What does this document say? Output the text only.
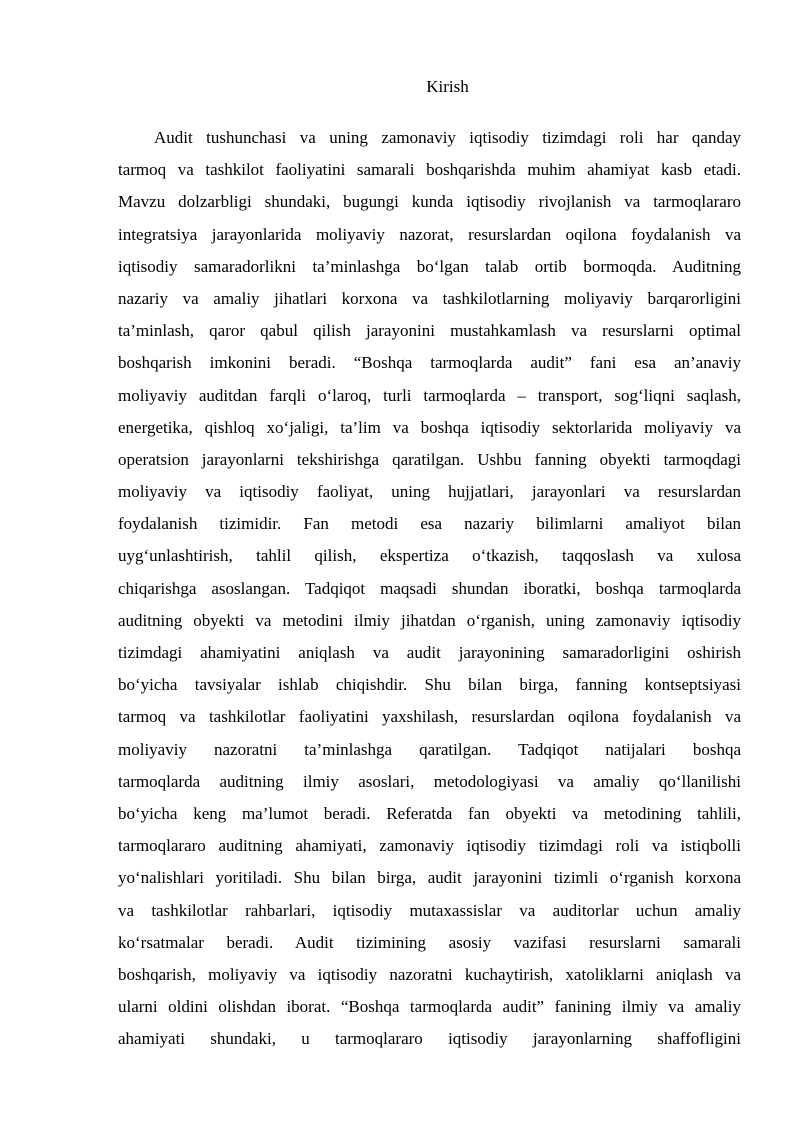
Kirish
Audit tushunchasi va uning zamonaviy iqtisodiy tizimdagi roli har qanday
tarmoq va tashkilot faoliyatini samarali boshqarishda muhim ahamiyat kasb etadi.
Mavzu dolzarbligi shundaki, bugungi kunda iqtisodiy rivojlanish va tarmoqlararo
integratsiya jarayonlarida moliyaviy nazorat, resurslardan oqilona foydalanish va
iqtisodiy samaradorlikni ta’minlashga bo‘lgan talab ortib bormoqda. Auditning
nazariy va amaliy jihatlari korxona va tashkilotlarning moliyaviy barqarorligini
ta’minlash, qaror qabul qilish jarayonini mustahkamlash va resurslarni optimal
boshqarish imkonini beradi. “Boshqa tarmoqlarda audit” fani esa an’anaviy
moliyaviy auditdan farqli o‘laroq, turli tarmoqlarda – transport, sog‘liqni saqlash,
energetika, qishloq xo‘jaligi, ta’lim va boshqa iqtisodiy sektorlarida moliyaviy va
operatsion jarayonlarni tekshirishga qaratilgan. Ushbu fanning obyekti tarmoqdagi
moliyaviy va iqtisodiy faoliyat, uning hujjatlari, jarayonlari va resurslardan
foydalanish tizimidir. Fan metodi esa nazariy bilimlarni amaliyot bilan
uyg‘unlashtirish, tahlil qilish, ekspertiza o‘tkazish, taqqoslash va xulosa
chiqarishga asoslangan. Tadqiqot maqsadi shundan iboratki, boshqa tarmoqlarda
auditning obyekti va metodini ilmiy jihatdan o‘rganish, uning zamonaviy iqtisodiy
tizimdagi ahamiyatini aniqlash va audit jarayonining samaradorligini oshirish
bo‘yicha tavsiyalar ishlab chiqishdir. Shu bilan birga, fanning kontseptsiyasi
tarmoq va tashkilotlar faoliyatini yaxshilash, resurslardan oqilona foydalanish va
moliyaviy nazoratni ta’minlashga qaratilgan. Tadqiqot natijalari boshqa
tarmoqlarda auditning ilmiy asoslari, metodologiyasi va amaliy qo‘llanilishi
bo‘yicha keng ma’lumot beradi. Referatda fan obyekti va metodining tahlili,
tarmoqlararo auditning ahamiyati, zamonaviy iqtisodiy tizimdagi roli va istiqbolli
yo‘nalishlari yoritiladi. Shu bilan birga, audit jarayonini tizimli o‘rganish korxona
va tashkilotlar rahbarlari, iqtisodiy mutaxassislar va auditorlar uchun amaliy
ko‘rsatmalar beradi. Audit tizimining asosiy vazifasi resurslarni samarali
boshqarish, moliyaviy va iqtisodiy nazoratni kuchaytirish, xatoliklarni aniqlash va
ularni oldini olishdan iborat. “Boshqa tarmoqlarda audit” fanining ilmiy va amaliy
ahamiyati shundaki, u tarmoqlararo iqtisodiy jarayonlarning shaffofligini
